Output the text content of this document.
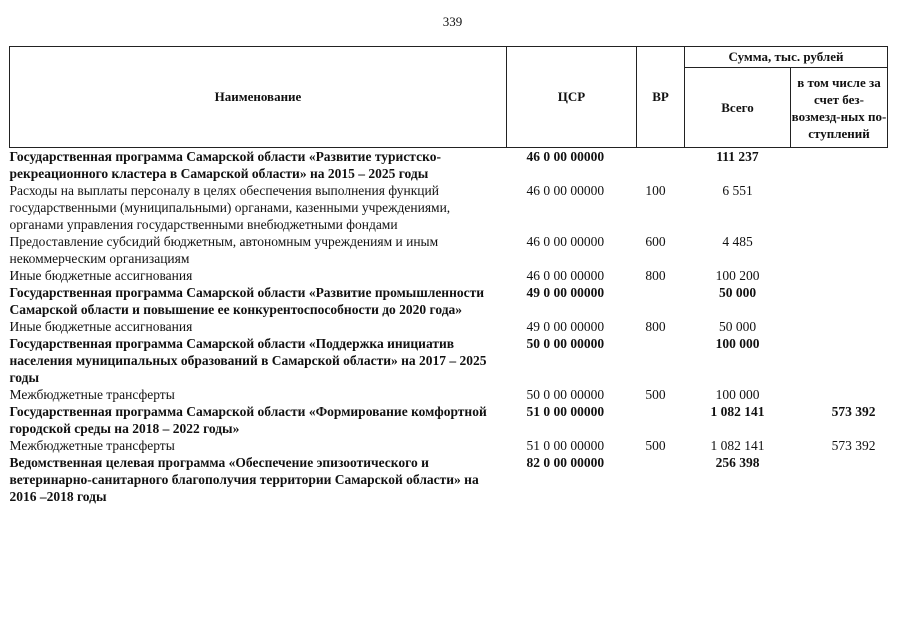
339
Наименование	ЦСР	ВР	Сумма, тыс. рублей	
			Всего	в том числе за счет без-возмезд-ных по-ступлений
Государственная программа Самарской области «Развитие туристско-рекреационного кластера в Самарской области» на 2015 – 2025 годы	46 0 00 00000		111 237	
Расходы на выплаты персоналу в целях обеспечения выполнения функций государственными (муниципальными) органами, казенными учреждениями, органами управления государственными внебюджетными фондами	46 0 00 00000	100	6 551	
Предоставление субсидий бюджетным, автономным учреждениям и иным некоммерческим организациям	46 0 00 00000	600	4 485	
Иные бюджетные ассигнования	46 0 00 00000	800	100 200	
Государственная программа Самарской области «Развитие промышленности Самарской области и повышение ее конкурентоспособности до 2020 года»	49 0 00 00000		50 000	
Иные бюджетные ассигнования	49 0 00 00000	800	50 000	
Государственная программа Самарской области «Поддержка инициатив населения муниципальных образований в Самарской области» на 2017 – 2025 годы	50 0 00 00000		100 000	
Межбюджетные трансферты	50 0 00 00000	500	100 000	
Государственная программа Самарской области «Формирование комфортной городской среды на 2018 – 2022 годы»	51 0 00 00000		1 082 141	573 392
Межбюджетные трансферты	51 0 00 00000	500	1 082 141	573 392
Ведомственная целевая программа «Обеспечение эпизоотического и ветеринарно-санитарного благополучия территории Самарской области» на 2016 –2018 годы	82 0 00 00000		256 398	
